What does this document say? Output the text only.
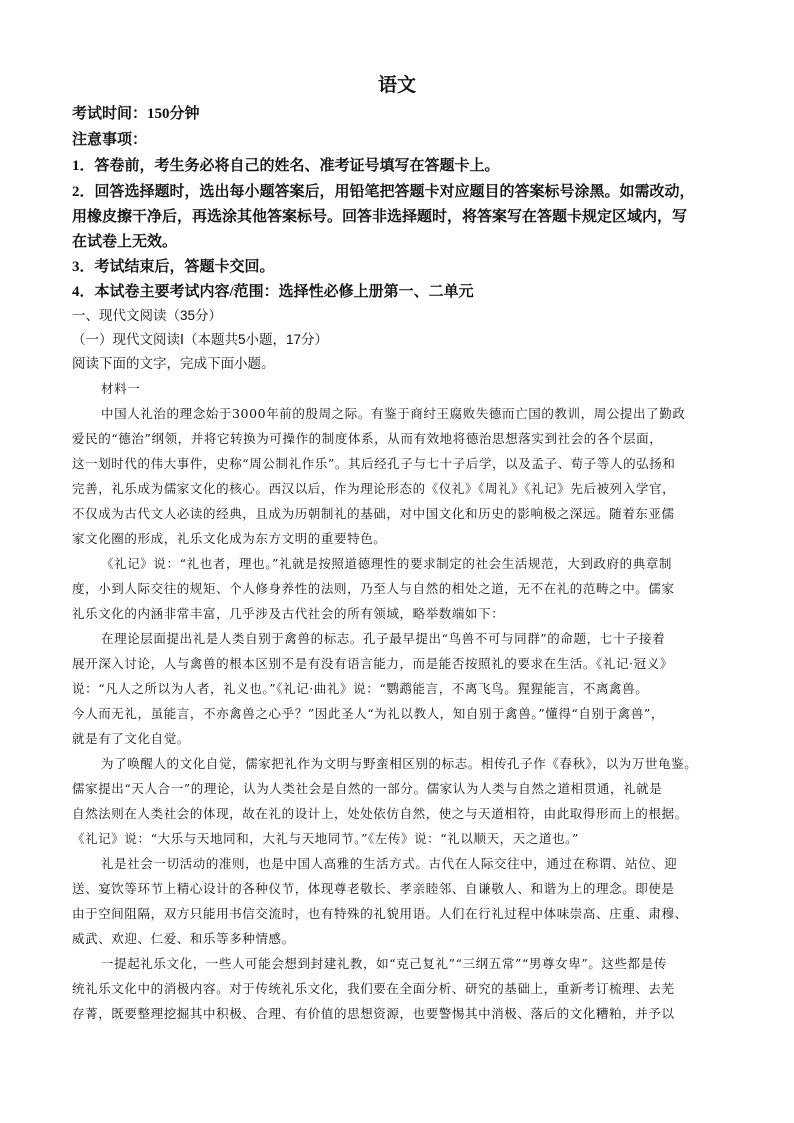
语文
考试时间：150分钟
注意事项：
1．答卷前，考生务必将自己的姓名、准考证号填写在答题卡上。
2．回答选择题时，选出每小题答案后，用铅笔把答题卡对应题目的答案标号涂黑。如需改动，
用橡皮擦干净后，再选涂其他答案标号。回答非选择题时，将答案写在答题卡规定区域内，写
在试卷上无效。
3．考试结束后，答题卡交回。
4．本试卷主要考试内容/范围：选择性必修上册第一、二单元
一、现代文阅读（35分）
（一）现代文阅读Ⅰ（本题共5小题，17分）
阅读下面的文字，完成下面小题。
材料一
中国人礼治的理念始于3000年前的殷周之际。有鉴于商纣王腐败失德而亡国的教训，周公提出了勤政
爱民的“德治”纲领，并将它转换为可操作的制度体系，从而有效地将德治思想落实到社会的各个层面，
这一划时代的伟大事件，史称“周公制礼作乐”。其后经孔子与七十子后学，以及孟子、荀子等人的弘扬和
完善，礼乐成为儒家文化的核心。西汉以后，作为理论形态的《仪礼》《周礼》《礼记》先后被列入学官，
不仅成为古代文人必读的经典，且成为历朝制礼的基础，对中国文化和历史的影响极之深远。随着东亚儒
家文化圈的形成，礼乐文化成为东方文明的重要特色。
《礼记》说：“礼也者，理也。”礼就是按照道德理性的要求制定的社会生活规范，大到政府的典章制
度，小到人际交往的规矩、个人修身养性的法则，乃至人与自然的相处之道，无不在礼的范畴之中。儒家
礼乐文化的内涵非常丰富，几乎涉及古代社会的所有领域，略举数端如下：
在理论层面提出礼是人类自别于禽兽的标志。孔子最早提出“鸟兽不可与同群”的命题，七十子接着
展开深入讨论，人与禽兽的根本区别不是有没有语言能力，而是能否按照礼的要求在生活。《礼记·冠义》
说：“凡人之所以为人者，礼义也。”《礼记·曲礼》说：“鹦鹉能言，不离飞鸟。猩猩能言，不离禽兽。
今人而无礼，虽能言，不亦禽兽之心乎？”因此圣人“为礼以教人，知自别于禽兽。”懂得“自别于禽兽”，
就是有了文化自觉。
为了唤醒人的文化自觉，儒家把礼作为文明与野蛮相区别的标志。相传孔子作《春秋》，以为万世龟鉴。
儒家提出“天人合一”的理论，认为人类社会是自然的一部分。儒家认为人类与自然之道相贯通，礼就是
自然法则在人类社会的体现，故在礼的设计上，处处依仿自然，使之与天道相符，由此取得形而上的根据。
《礼记》说：“大乐与天地同和，大礼与天地同节。”《左传》说：“礼以顺天，天之道也。”
礼是社会一切活动的准则，也是中国人高雅的生活方式。古代在人际交往中，通过在称谓、站位、迎
送、宴饮等环节上精心设计的各种仪节，体现尊老敬长、孝亲睦邻、自谦敬人、和谐为上的理念。即使是
由于空间阻隔，双方只能用书信交流时，也有特殊的礼貌用语。人们在行礼过程中体味崇高、庄重、肃穆、
威武、欢迎、仁爱、和乐等多种情感。
一提起礼乐文化，一些人可能会想到封建礼教，如“克己复礼”“三纲五常”“男尊女卑”。这些都是传
统礼乐文化中的消极内容。对于传统礼乐文化，我们要在全面分析、研究的基础上，重新考订梳理、去芜
存菁，既要整理挖掘其中积极、合理、有价值的思想资源，也要警惕其中消极、落后的文化糟粕，并予以
